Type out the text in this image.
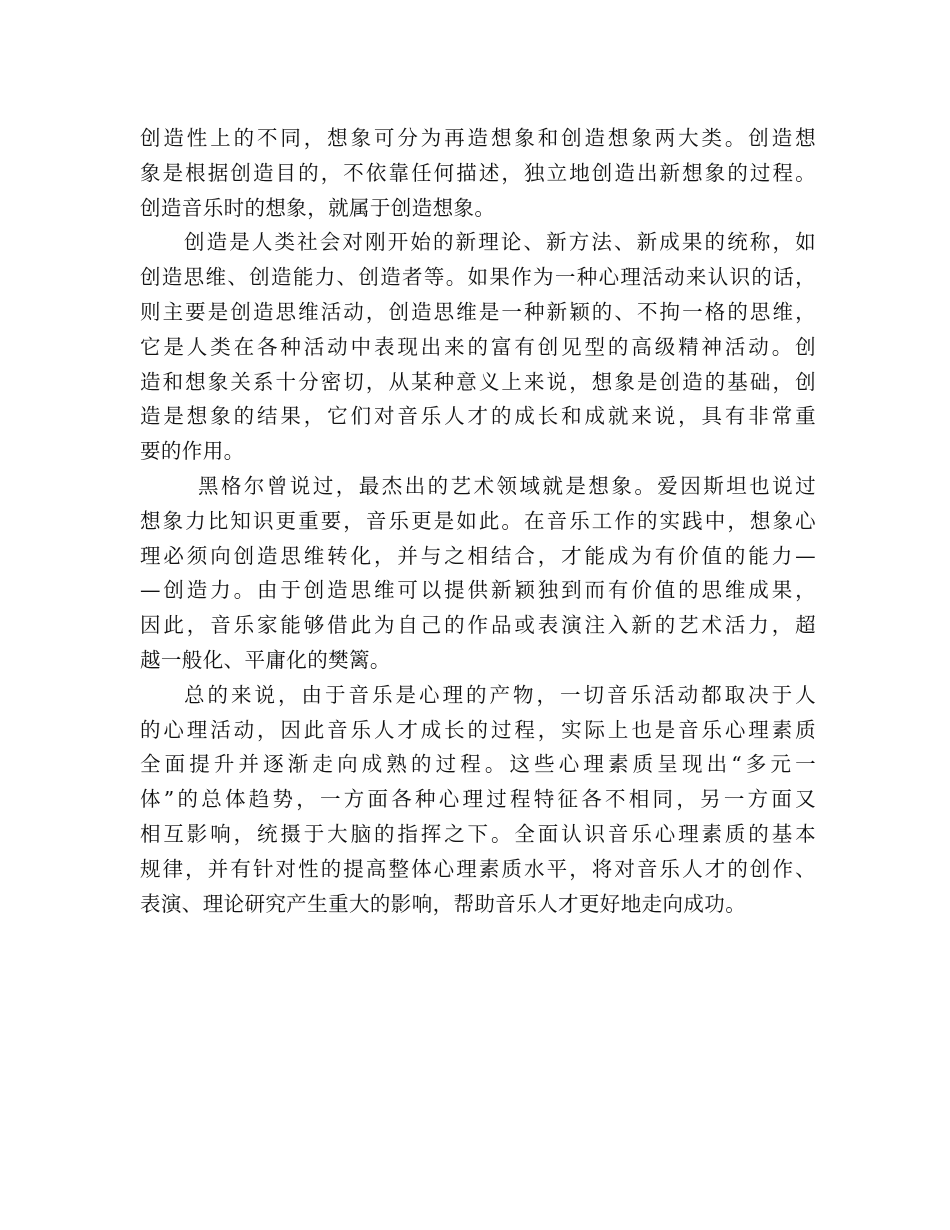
创造性上的不同，想象可分为再造想象和创造想象两大类。创造想
象是根据创造目的，不依靠任何描述，独立地创造出新想象的过程。
创造音乐时的想象，就属于创造想象。
创造是人类社会对刚开始的新理论、新方法、新成果的统称，如
创造思维、创造能力、创造者等。如果作为一种心理活动来认识的话，
则主要是创造思维活动，创造思维是一种新颖的、不拘一格的思维，
它是人类在各种活动中表现出来的富有创见型的高级精神活动。创
造和想象关系十分密切，从某种意义上来说，想象是创造的基础，创
造是想象的结果，它们对音乐人才的成长和成就来说，具有非常重
要的作用。
黑格尔曾说过，最杰出的艺术领域就是想象。爱因斯坦也说过
想象力比知识更重要，音乐更是如此。在音乐工作的实践中，想象心
理必须向创造思维转化，并与之相结合，才能成为有价值的能力—
—创造力。由于创造思维可以提供新颖独到而有价值的思维成果，
因此，音乐家能够借此为自己的作品或表演注入新的艺术活力，超
越一般化、平庸化的樊篱。
总的来说，由于音乐是心理的产物，一切音乐活动都取决于人
的心理活动，因此音乐人才成长的过程，实际上也是音乐心理素质
全面提升并逐渐走向成熟的过程。这些心理素质呈现出“多元一
体”的总体趋势，一方面各种心理过程特征各不相同，另一方面又
相互影响，统摄于大脑的指挥之下。全面认识音乐心理素质的基本
规律，并有针对性的提高整体心理素质水平，将对音乐人才的创作、
表演、理论研究产生重大的影响，帮助音乐人才更好地走向成功。
